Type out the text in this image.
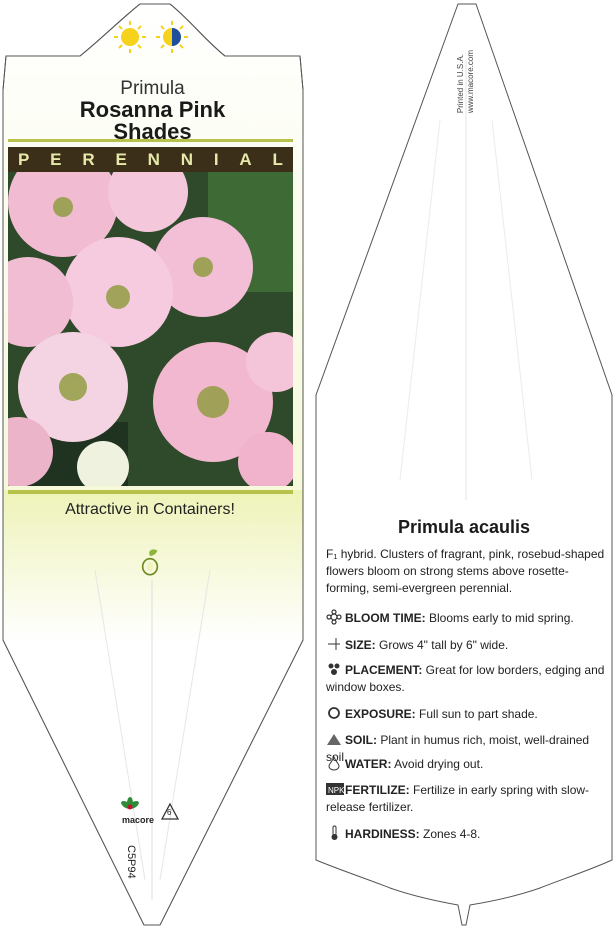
Primula
Rosanna Pink
Shades
P E R E N N I A L
Attractive in Containers!
macore
6
C5P94
Printed in U.S.A. www.macore.com
Primula acaulis
F₁ hybrid. Clusters of fragrant, pink, rosebud-shaped flowers bloom on strong stems above rosette-forming, semi-evergreen perennial.
BLOOM TIME: Blooms early to mid spring.
SIZE: Grows 4" tall by 6" wide.
PLACEMENT: Great for low borders, edging and window boxes.
EXPOSURE: Full sun to part shade.
SOIL: Plant in humus rich, moist, well-drained soil.
WATER: Avoid drying out.
NPK FERTILIZE: Fertilize in early spring with slow-release fertilizer.
HARDINESS: Zones 4-8.
